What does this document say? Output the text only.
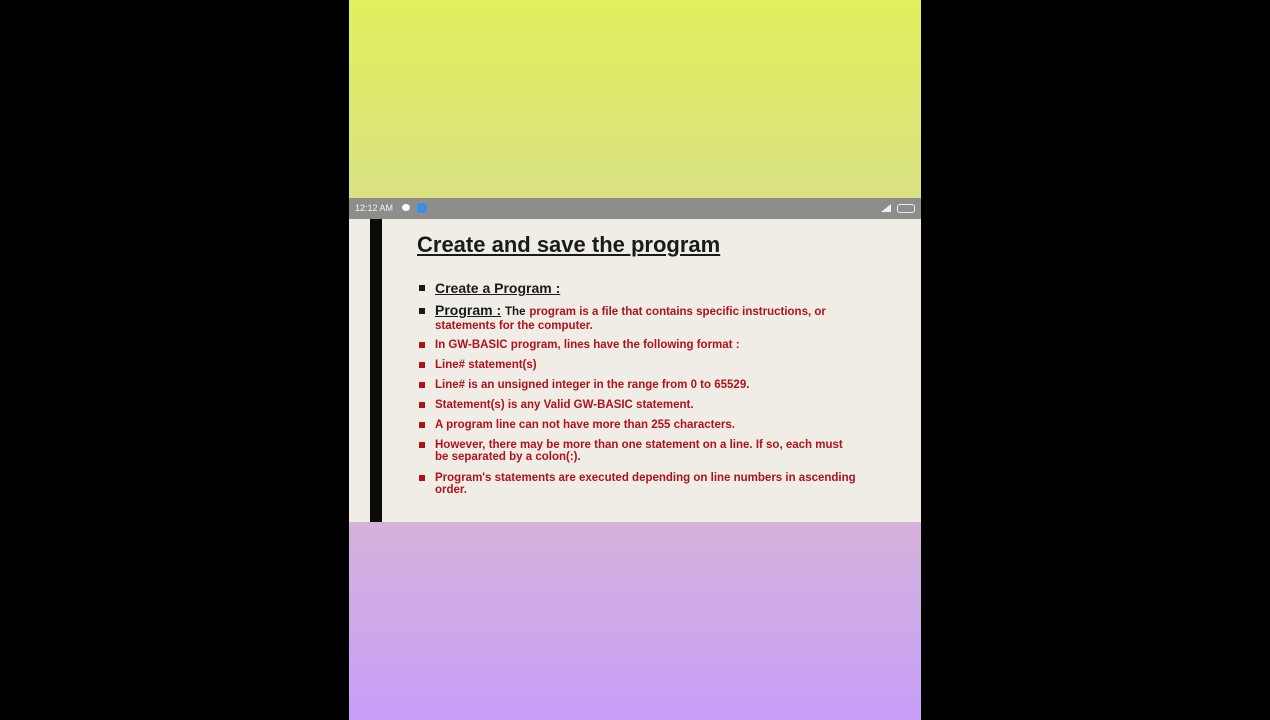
12:12 AM
Create and save the program
Create a Program :
Program : The program is a file that contains specific instructions, or statements for the computer.
In GW-BASIC program, lines have the following format :
Line# statement(s)
Line# is an unsigned integer in the range from 0 to 65529.
Statement(s) is any Valid GW-BASIC statement.
A program line can not have more than 255 characters.
However, there may be more than one statement on a line. If so, each must be separated by a colon(:).
Program's statements are executed depending on line numbers in ascending order.
